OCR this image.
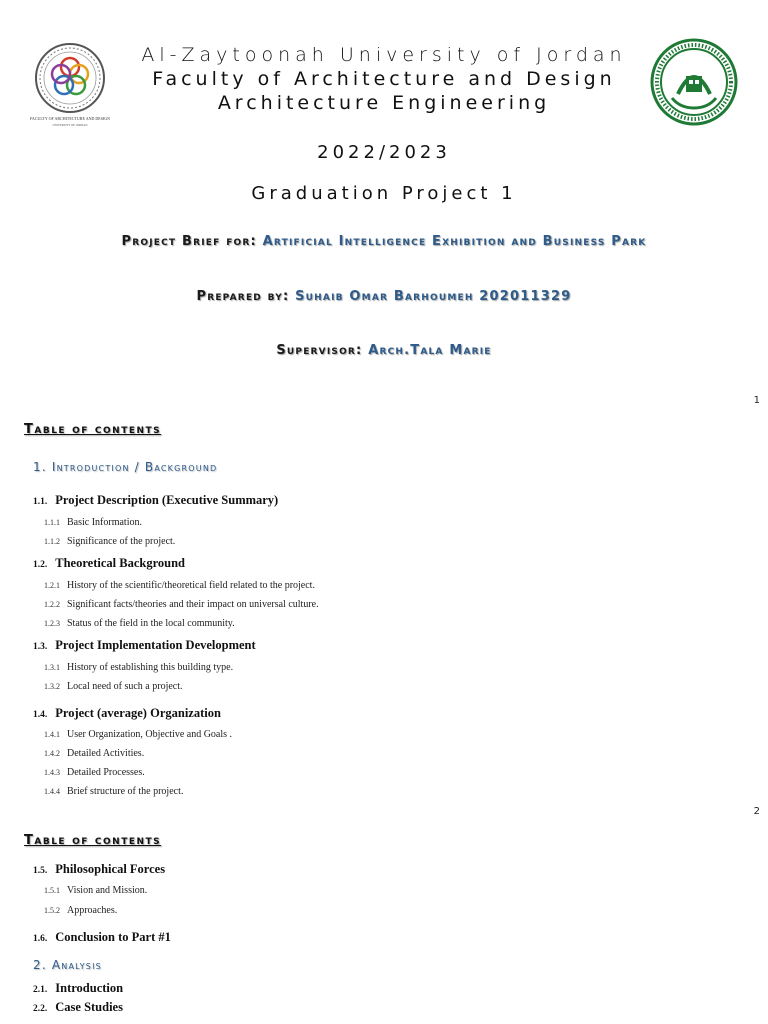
FACULTY OF ARCHITECTURE AND DESIGN
UNIVERSITY OF JORDAN
Al-Zaytoonah University of Jordan
Faculty of Architecture and Design
Architecture Engineering
2022/2023
Graduation Project 1
Project Brief for: Artificial Intelligence Exhibition and Business Park
Prepared by: Suhaib Omar Barhoumeh 202011329
Supervisor: Arch.Tala Marie
1
Table of contents
1. Introduction / Background
1.1. Project Description (Executive Summary)
1.1.1 Basic Information.
1.1.2 Significance of the project.
1.2. Theoretical Background
1.2.1 History of the scientific/theoretical field related to the project.
1.2.2 Significant facts/theories and their impact on universal culture.
1.2.3 Status of the field in the local community.
1.3. Project Implementation Development
1.3.1 History of establishing this building type.
1.3.2 Local need of such a project.
1.4. Project (average) Organization
1.4.1 User Organization, Objective and Goals .
1.4.2 Detailed Activities.
1.4.3 Detailed Processes.
1.4.4 Brief structure of the project.
2
Table of contents
1.5. Philosophical Forces
1.5.1 Vision and Mission.
1.5.2 Approaches.
1.6. Conclusion to Part #1
2. Analysis
2.1. Introduction
2.2. Case Studies
